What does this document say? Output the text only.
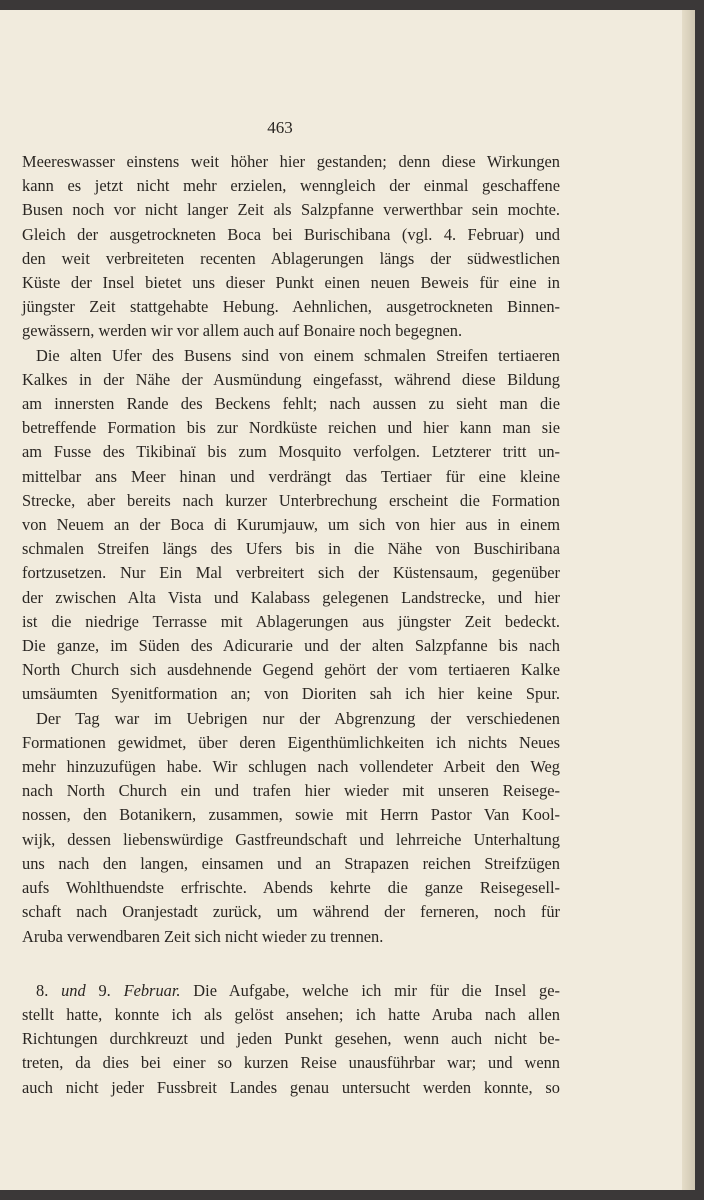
463
Meereswasser einstens weit höher hier gestanden; denn diese Wirkungen
kann es jetzt nicht mehr erzielen, wenngleich der einmal geschaffene
Busen noch vor nicht langer Zeit als Salzpfanne verwerthbar sein mochte.
Gleich der ausgetrockneten Boca bei Burischibana (vgl. 4. Februar) und
den weit verbreiteten recenten Ablagerungen längs der südwestlichen
Küste der Insel bietet uns dieser Punkt einen neuen Beweis für eine in
jüngster Zeit stattgehabte Hebung. Aehnlichen, ausgetrockneten Binnen-
gewässern, werden wir vor allem auch auf Bonaire noch begegnen.
Die alten Ufer des Busens sind von einem schmalen Streifen tertiaeren
Kalkes in der Nähe der Ausmündung eingefasst, während diese Bildung
am innersten Rande des Beckens fehlt; nach aussen zu sieht man die
betreffende Formation bis zur Nordküste reichen und hier kann man sie
am Fusse des Tikibinaï bis zum Mosquito verfolgen. Letzterer tritt un-
mittelbar ans Meer hinan und verdrängt das Tertiaer für eine kleine
Strecke, aber bereits nach kurzer Unterbrechung erscheint die Formation
von Neuem an der Boca di Kurumjauw, um sich von hier aus in einem
schmalen Streifen längs des Ufers bis in die Nähe von Buschiribana
fortzusetzen. Nur Ein Mal verbreitert sich der Küstensaum, gegenüber
der zwischen Alta Vista und Kalabass gelegenen Landstrecke, und hier
ist die niedrige Terrasse mit Ablagerungen aus jüngster Zeit bedeckt.
Die ganze, im Süden des Adicurarie und der alten Salzpfanne bis nach
North Church sich ausdehnende Gegend gehört der vom tertiaeren Kalke
umsäumten Syenitformation an; von Dioriten sah ich hier keine Spur.
Der Tag war im Uebrigen nur der Abgrenzung der verschiedenen
Formationen gewidmet, über deren Eigenthümlichkeiten ich nichts Neues
mehr hinzuzufügen habe. Wir schlugen nach vollendeter Arbeit den Weg
nach North Church ein und trafen hier wieder mit unseren Reisege-
nossen, den Botanikern, zusammen, sowie mit Herrn Pastor Van Kool-
wijk, dessen liebenswürdige Gastfreundschaft und lehrreiche Unterhaltung
uns nach den langen, einsamen und an Strapazen reichen Streifzügen
aufs Wohlthuendste erfrischte. Abends kehrte die ganze Reisegesell-
schaft nach Oranjestadt zurück, um während der ferneren, noch für
Aruba verwendbaren Zeit sich nicht wieder zu trennen.
8. und 9. Februar. Die Aufgabe, welche ich mir für die Insel ge-
stellt hatte, konnte ich als gelöst ansehen; ich hatte Aruba nach allen
Richtungen durchkreuzt und jeden Punkt gesehen, wenn auch nicht be-
treten, da dies bei einer so kurzen Reise unausführbar war; und wenn
auch nicht jeder Fussbreit Landes genau untersucht werden konnte, so
